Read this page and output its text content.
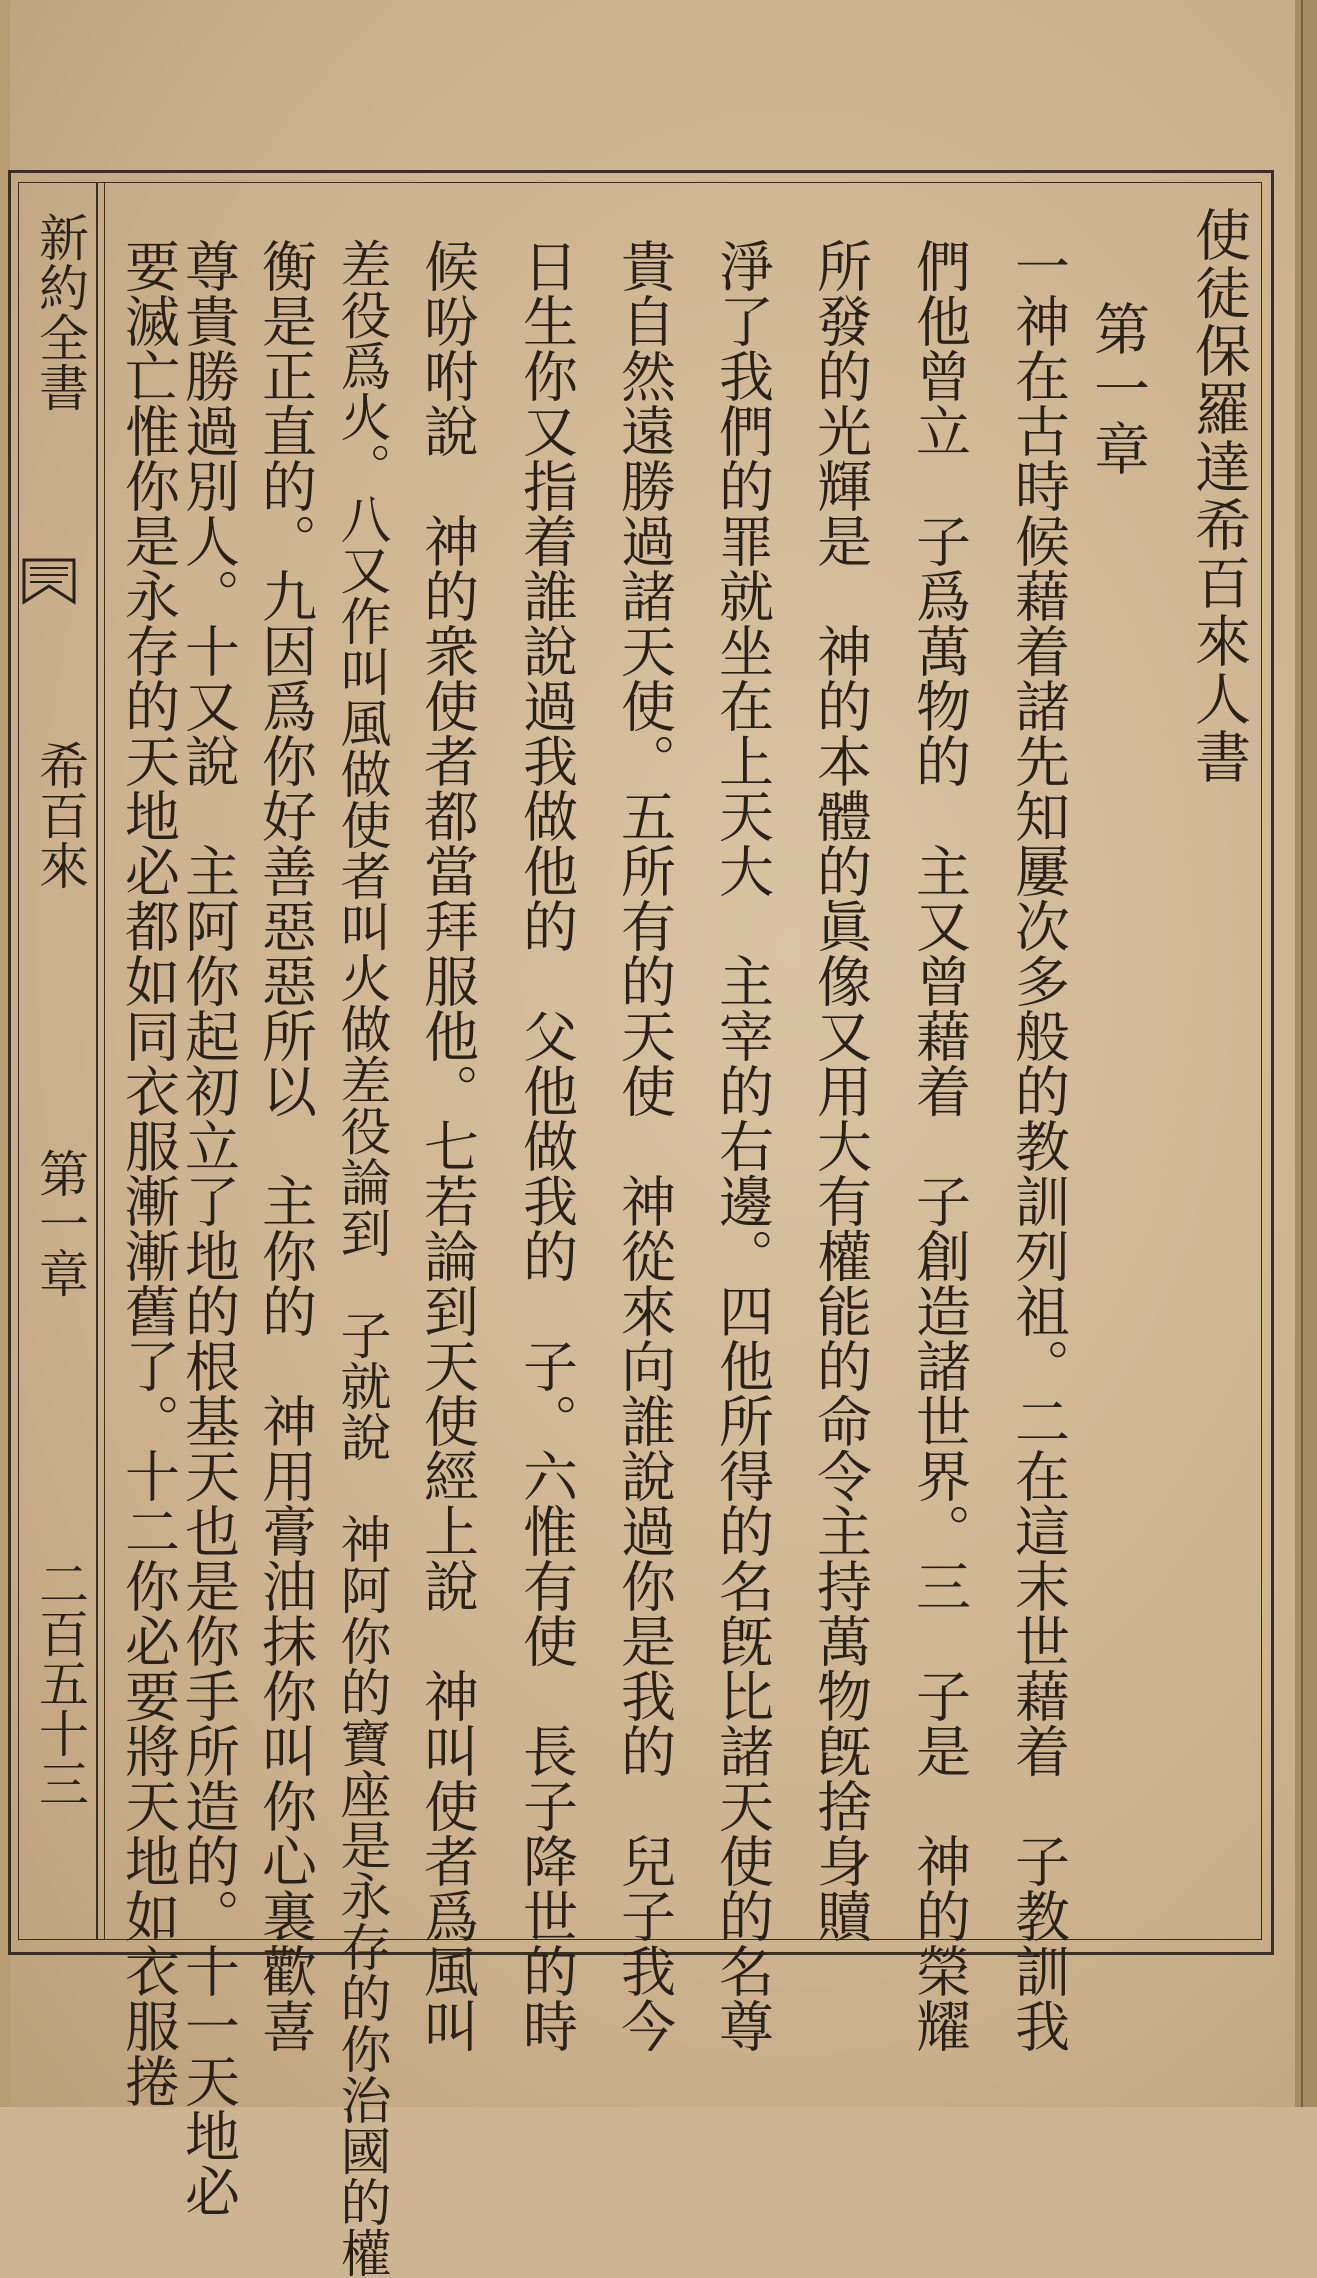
使徒保羅達希百來人書
第一章
一神在古時候藉着諸先知屢次多般的教訓列祖。二在這末世藉着　子教訓我
們他曾立　子爲萬物的　主又曾藉着　子創造諸世界。三　子是　神的榮耀
所發的光輝是　神的本體的眞像又用大有權能的命令主持萬物旣捨身贖
淨了我們的罪就坐在上天大　主宰的右邊。四他所得的名旣比諸天使的名尊
貴自然遠勝過諸天使。五所有的天使　神從來向誰說過你是我的　兒子我今
日生你又指着誰說過我做他的　父他做我的　子。六惟有使　長子降世的時
候吩咐說　神的衆使者都當拜服他。七若論到天使經上說　神叫使者爲風叫
差役爲火。八又作叫風做使者叫火做差役論到　子就說　神阿你的寶座是永存的你治國的權
衡是正直的。九因爲你好善惡惡所以　主你的　神用膏油抹你叫你心裏歡喜
尊貴勝過別人。十又說　主阿你起初立了地的根基天也是你手所造的。十一天地必
要滅亡惟你是永存的天地必都如同衣服漸漸舊了。十二你必要將天地如衣服捲
新約全書
希百來
第一章
二百五十三
